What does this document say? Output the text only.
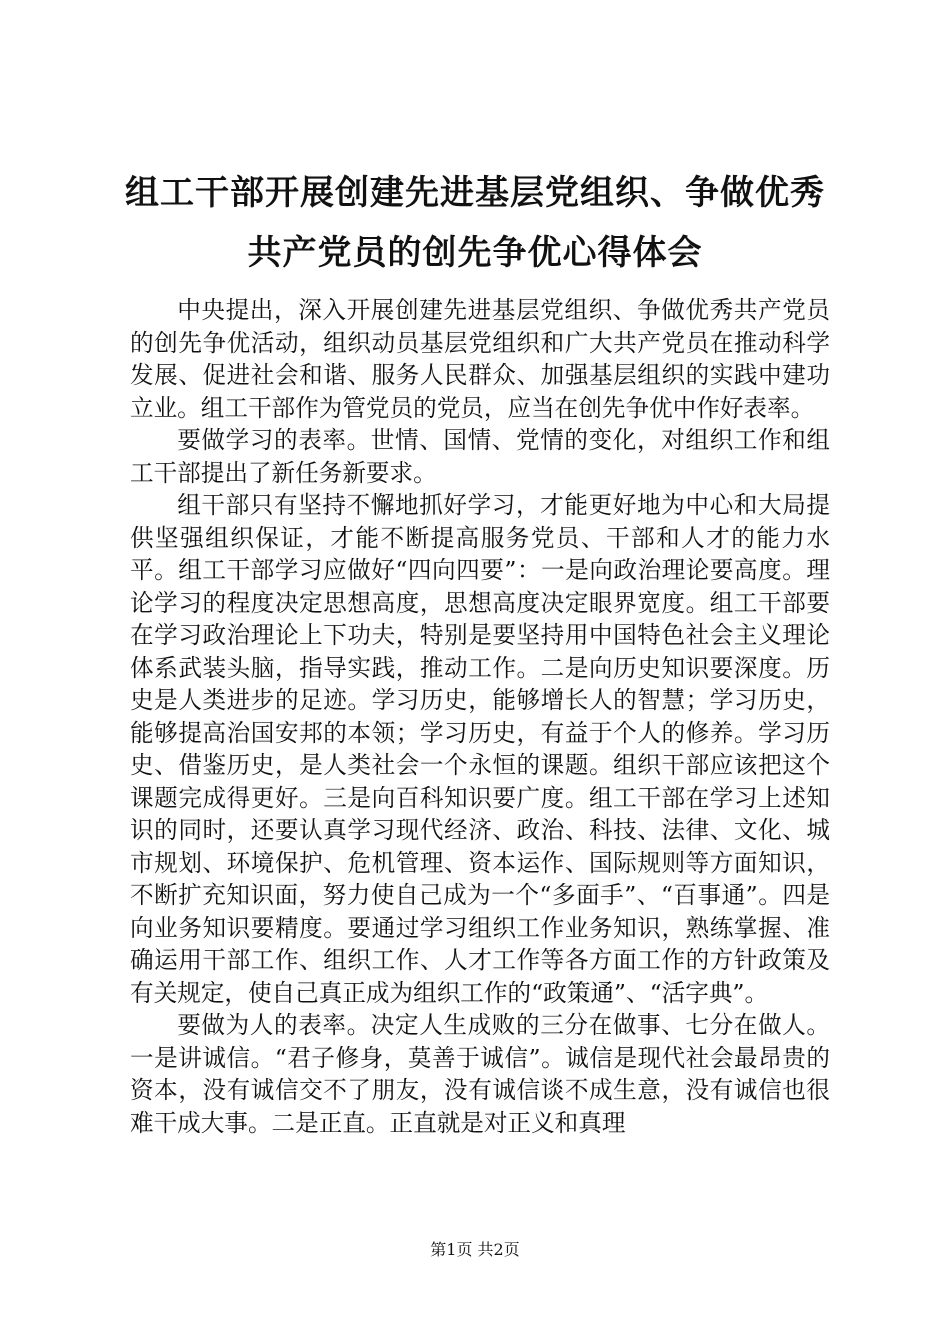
组工干部开展创建先进基层党组织、争做优秀
共产党员的创先争优心得体会

中央提出，深入开展创建先进基层党组织、争做优秀共产党员的创先争优活动，组织动员基层党组织和广大共产党员在推动科学发展、促进社会和谐、服务人民群众、加强基层组织的实践中建功立业。组工干部作为管党员的党员，应当在创先争优中作好表率。

要做学习的表率。世情、国情、党情的变化，对组织工作和组工干部提出了新任务新要求。

组干部只有坚持不懈地抓好学习，才能更好地为中心和大局提供坚强组织保证，才能不断提高服务党员、干部和人才的能力水平。组工干部学习应做好“四向四要”：一是向政治理论要高度。理论学习的程度决定思想高度，思想高度决定眼界宽度。组工干部要在学习政治理论上下功夫，特别是要坚持用中国特色社会主义理论体系武装头脑，指导实践，推动工作。二是向历史知识要深度。历史是人类进步的足迹。学习历史，能够增长人的智慧；学习历史，能够提高治国安邦的本领；学习历史，有益于个人的修养。学习历史、借鉴历史，是人类社会一个永恒的课题。组织干部应该把这个课题完成得更好。三是向百科知识要广度。组工干部在学习上述知识的同时，还要认真学习现代经济、政治、科技、法律、文化、城市规划、环境保护、危机管理、资本运作、国际规则等方面知识，不断扩充知识面，努力使自己成为一个“多面手”、“百事通”。四是向业务知识要精度。要通过学习组织工作业务知识，熟练掌握、准确运用干部工作、组织工作、人才工作等各方面工作的方针政策及有关规定，使自己真正成为组织工作的“政策通”、“活字典”。

要做为人的表率。决定人生成败的三分在做事、七分在做人。一是讲诚信。“君子修身，莫善于诚信”。诚信是现代社会最昂贵的资本，没有诚信交不了朋友，没有诚信谈不成生意，没有诚信也很难干成大事。二是正直。正直就是对正义和真理

第1页 共2页
